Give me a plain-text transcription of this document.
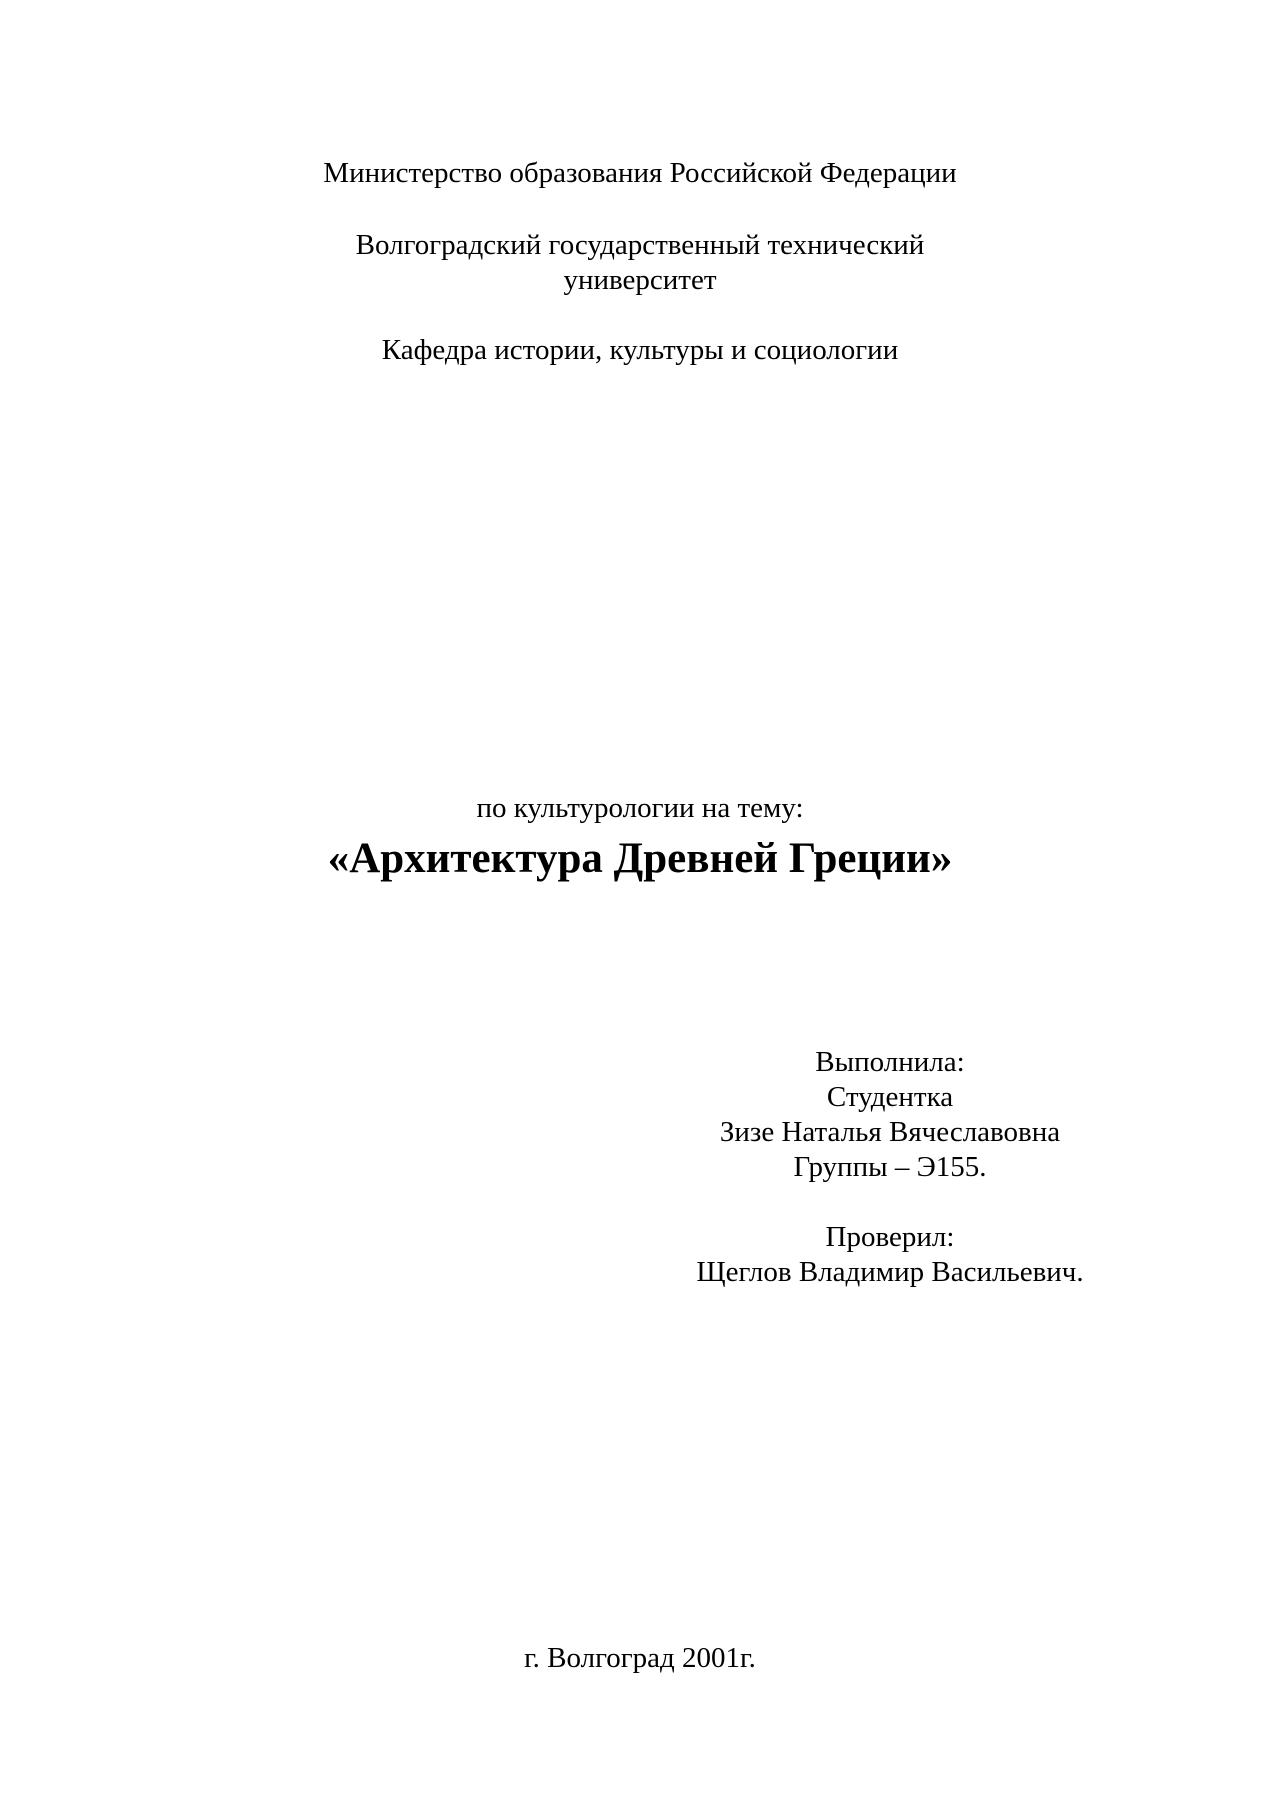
Министерство образования Российской Федерации
Волгоградский государственный технический
университет
Кафедра истории, культуры и социологии
по культурологии на тему:
«Архитектура Древней Греции»
Выполнила:
Студентка
Зизе Наталья Вячеславовна
Группы – Э155.
Проверил:
Щеглов Владимир Васильевич.
г. Волгоград 2001г.
